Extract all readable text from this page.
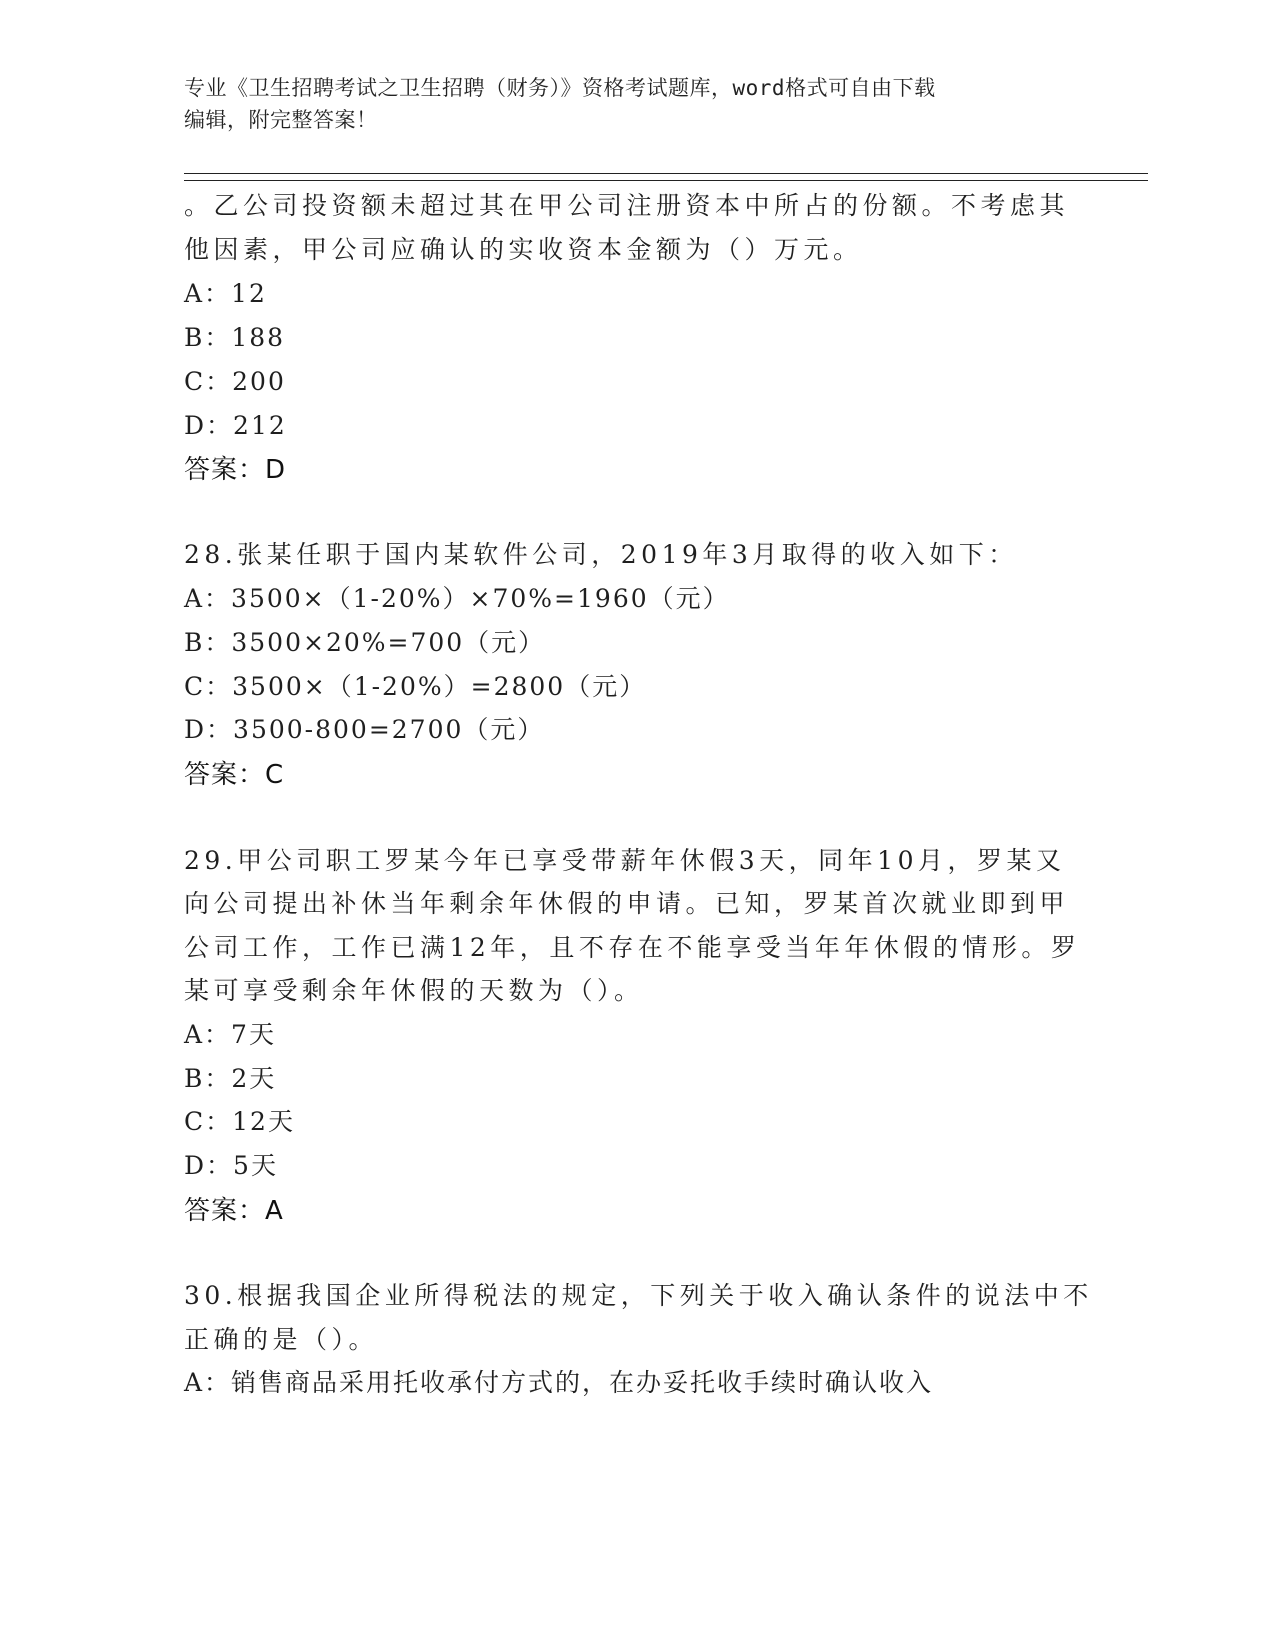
专业《卫生招聘考试之卫生招聘（财务）》资格考试题库，word格式可自由下载
编辑，附完整答案！
。乙公司投资额未超过其在甲公司注册资本中所占的份额。不考虑其
他因素，甲公司应确认的实收资本金额为（）万元。
A：12
B：188
C：200
D：212
答案：D
28.张某任职于国内某软件公司，2019年3月取得的收入如下：
A：3500×（1-20%）×70%=1960（元）
B：3500×20%=700（元）
C：3500×（1-20%）=2800（元）
D：3500-800=2700（元）
答案：C
29.甲公司职工罗某今年已享受带薪年休假3天，同年10月，罗某又
向公司提出补休当年剩余年休假的申请。已知，罗某首次就业即到甲
公司工作，工作已满12年，且不存在不能享受当年年休假的情形。罗
某可享受剩余年休假的天数为（）。
A：7天
B：2天
C：12天
D：5天
答案：A
30.根据我国企业所得税法的规定，下列关于收入确认条件的说法中不
正确的是（）。
A：销售商品采用托收承付方式的，在办妥托收手续时确认收入
